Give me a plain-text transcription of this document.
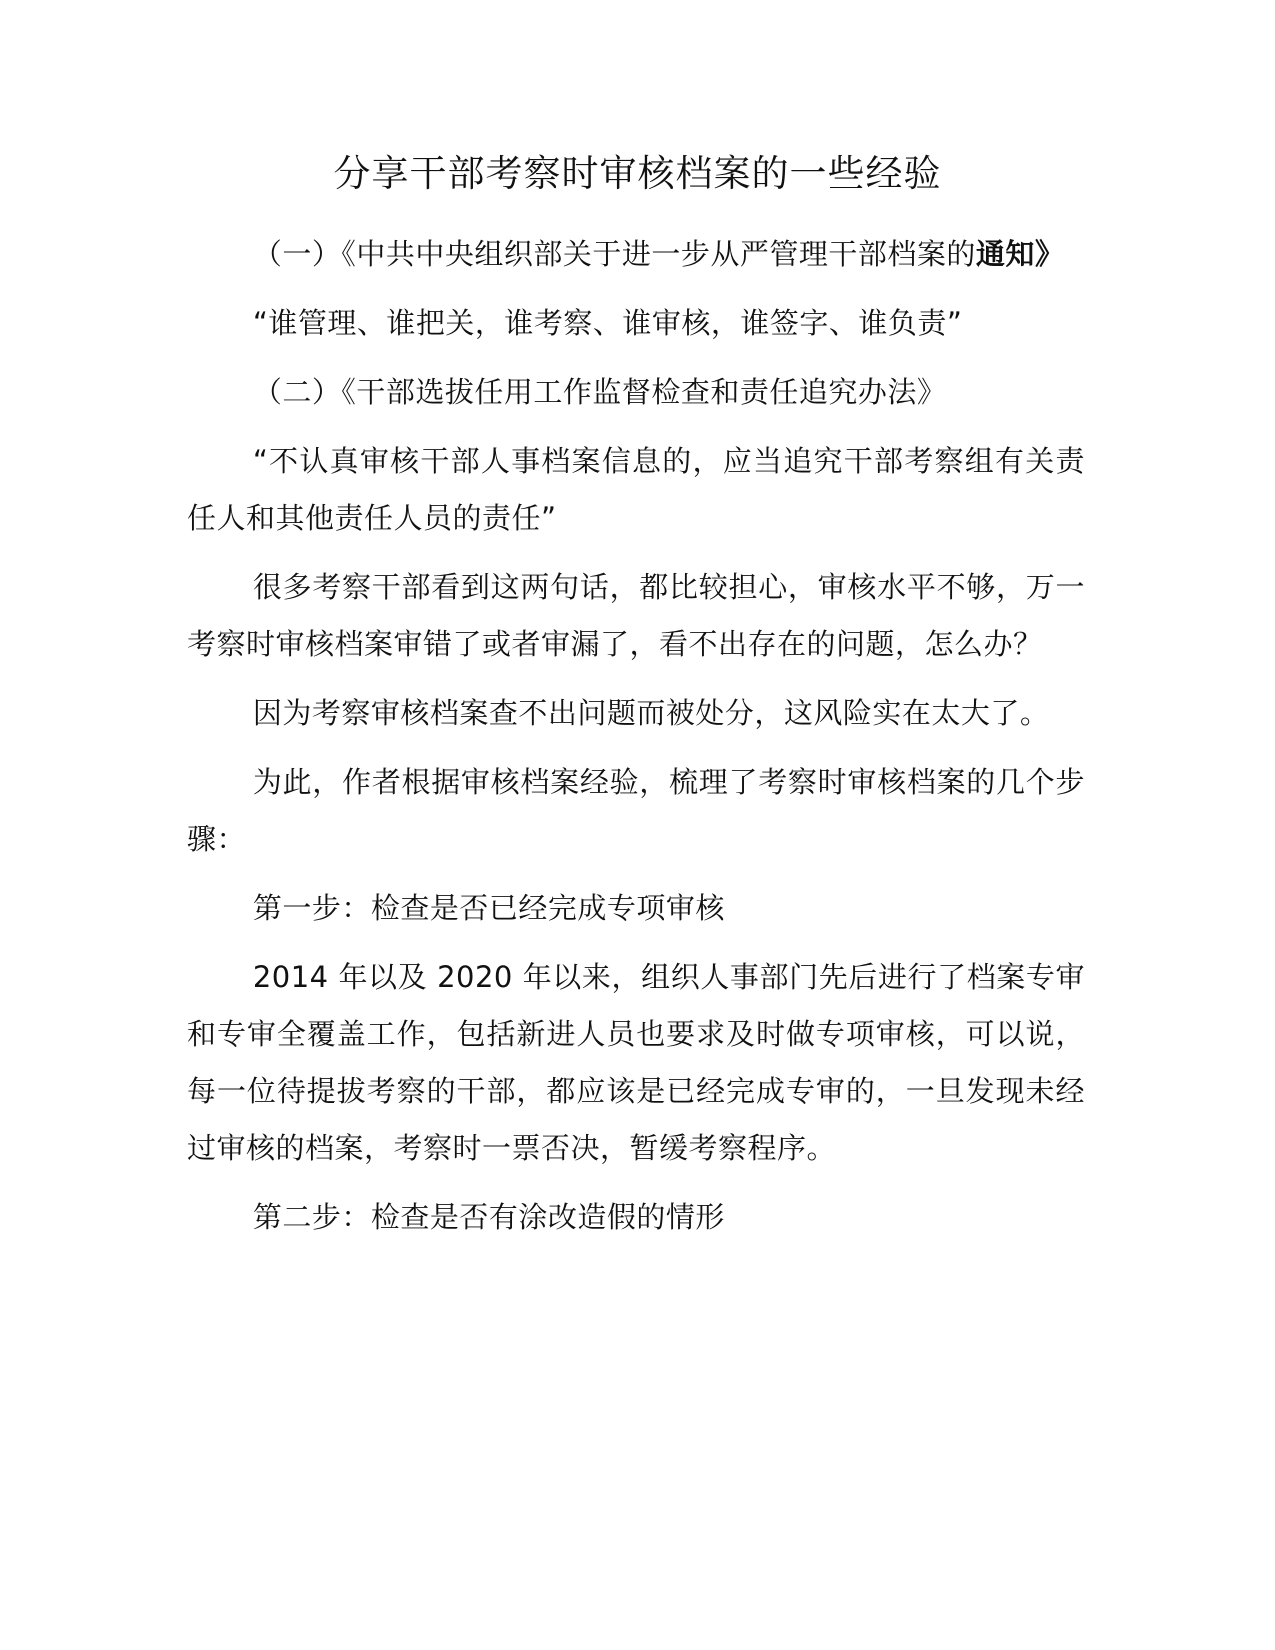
分享干部考察时审核档案的一些经验

（一）《中共中央组织部关于进一步从严管理干部档案的通知》

“谁管理、谁把关，谁考察、谁审核，谁签字、谁负责”

（二）《干部选拔任用工作监督检查和责任追究办法》

“不认真审核干部人事档案信息的，应当追究干部考察组有关责任人和其他责任人员的责任”

很多考察干部看到这两句话，都比较担心，审核水平不够，万一考察时审核档案审错了或者审漏了，看不出存在的问题，怎么办？

因为考察审核档案查不出问题而被处分，这风险实在太大了。

为此，作者根据审核档案经验，梳理了考察时审核档案的几个步骤：

第一步：检查是否已经完成专项审核

2014 年以及 2020 年以来，组织人事部门先后进行了档案专审和专审全覆盖工作，包括新进人员也要求及时做专项审核，可以说，每一位待提拔考察的干部，都应该是已经完成专审的，一旦发现未经过审核的档案，考察时一票否决，暂缓考察程序。

第二步：检查是否有涂改造假的情形
